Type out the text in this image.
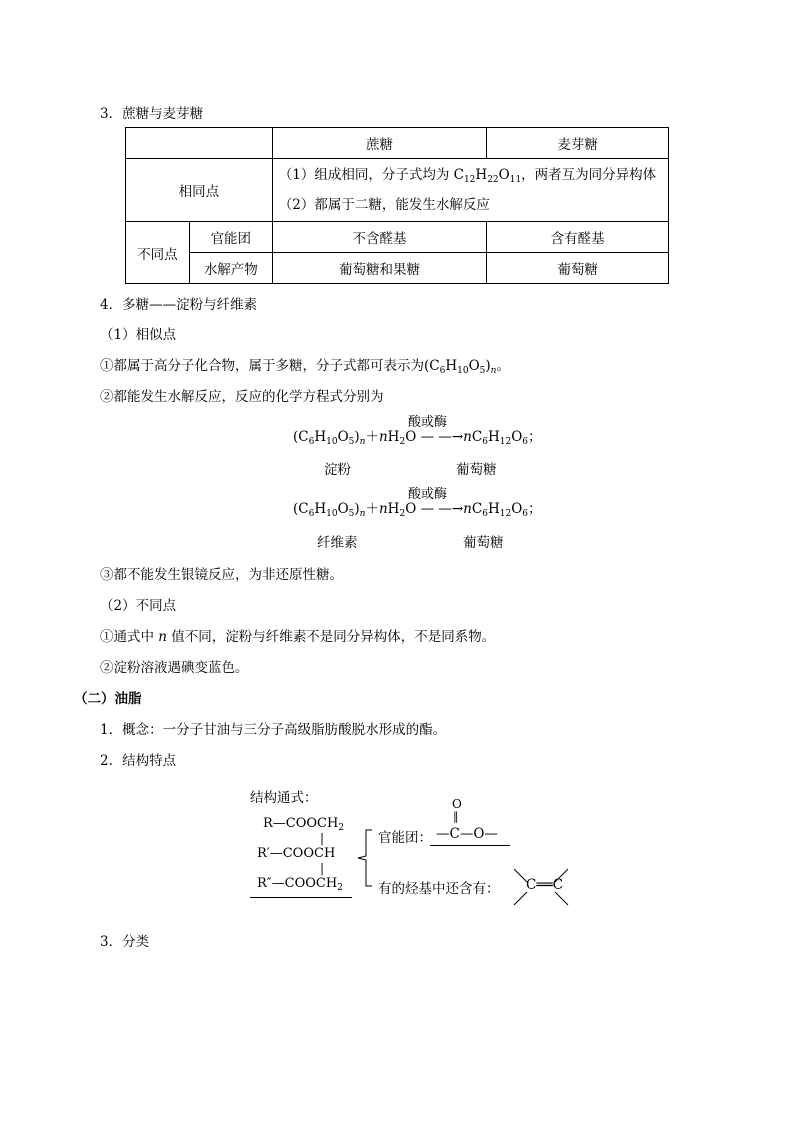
3．蔗糖与麦芽糖
		蔗糖	麦芽糖
相同点		（1）组成相同，分子式均为 $C_{12}H_{22}O_{11}$，两者互为同分异构体
（2）都属于二糖，能发生水解反应	

不同点	官能团	不含醛基	含有醛基
	水解产物	葡萄糖和果糖	葡萄糖
4．多糖——淀粉与纤维素
（1）相似点
①都属于高分子化合物，属于多糖，分子式都可表示为$(C_6H_{10}O_5)_n$。
②都能发生水解反应，反应的化学方程式分别为
酸或酶
$(C_6H_{10}O_5)_n+nH_2O$ — $—\to nC_6H_{12}O_6$；
淀粉	葡萄糖
酸或酶
$(C_6H_{10}O_5)_n+nH_2O$ — $—\to nC_6H_{12}O_6$；
纤维素	葡萄糖
③都不能发生银镜反应，为非还原性糖。
（2）不同点
①通式中 n 值不同，淀粉与纤维素不是同分异构体，不是同系物。
②淀粉溶液遇碘变蓝色。
（二）油脂
1．概念：一分子甘油与三分子高级脂肪酸脱水形成的酯。
2．结构特点
结构通式：
$R—COOCH_2$
|
R′—COOCH
|
$R''—COOCH_2$
官能团：
O
‖
—C—O—
有的烃基中还含有： C══C
3．分类
